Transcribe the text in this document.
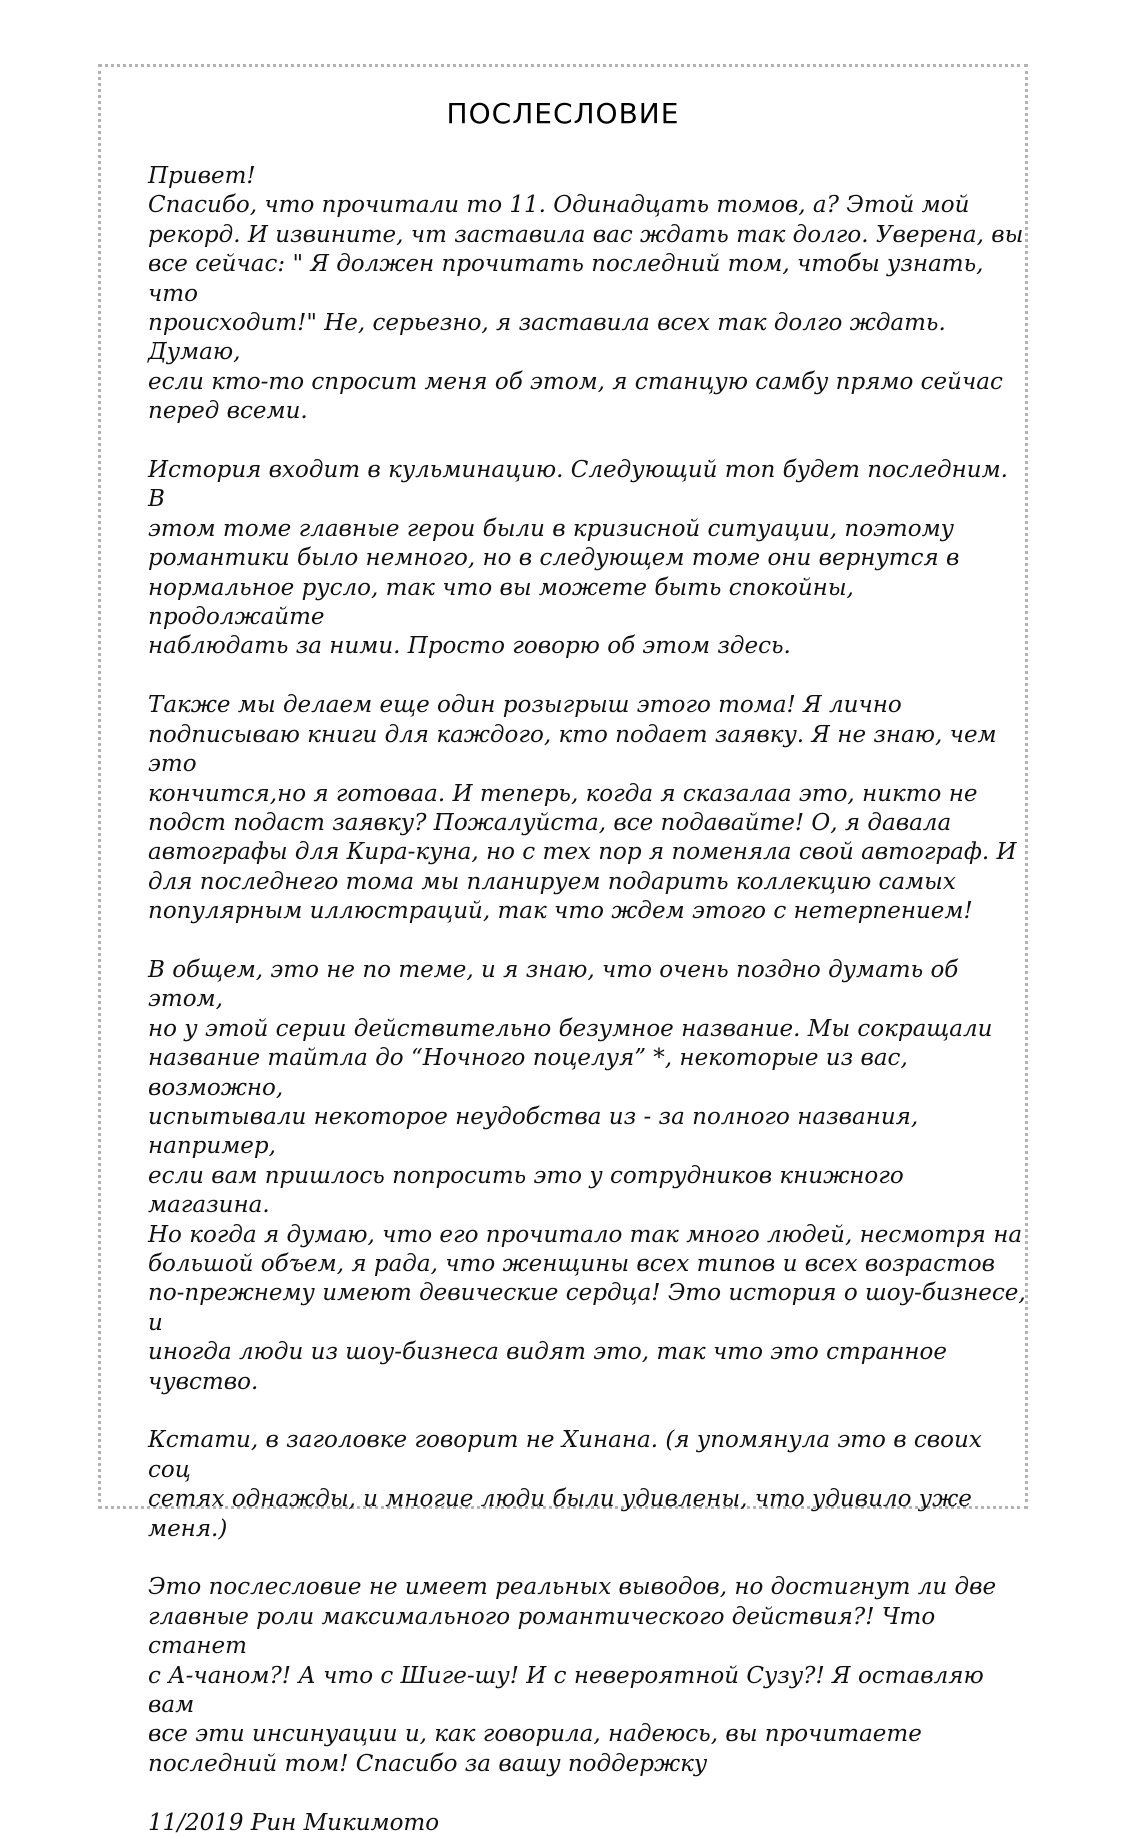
ПОСЛЕСЛОВИЕ

Привет!
Спасибо, что прочитали то 11. Одинадцать томов, а? Этой мой
рекорд. И извините, чт заставила вас ждать так долго. Уверена, вы
все сейчас: " Я должен прочитать последний том, чтобы узнать, что
происходит!" Не, серьезно, я заставила всех так долго ждать. Думаю,
если кто-то спросит меня об этом, я станцую самбу прямо сейчас
перед всеми.

История входит в кульминацию. Следующий топ будет последним. В
этом томе главные герои были в кризисной ситуации, поэтому
романтики было немного, но в следующем томе они вернутся в
нормальное русло, так что вы можете быть спокойны, продолжайте
наблюдать за ними. Просто говорю об этом здесь.

Также мы делаем еще один розыгрыш этого тома! Я лично
подписываю книги для каждого, кто подает заявку. Я не знаю, чем это
кончится,но я готоваа. И теперь, когда я сказалаа это, никто не
подст подаст заявку? Пожалуйста, все подавайте! О, я давала
автографы для Кира-куна, но с тех пор я поменяла свой автограф. И
для последнего тома мы планируем подарить коллекцию самых
популярным иллюстраций, так что ждем этого с нетерпением!

В общем, это не по теме, и я знаю, что очень поздно думать об этом,
но у этой серии действительно безумное название. Мы сокращали
название тайтла до “Ночного поцелуя” *, некоторые из вас, возможно,
испытывали некоторое неудобства из - за полного названия, например,
если вам пришлось попросить это у сотрудников книжного магазина.
Но когда я думаю, что его прочитало так много людей, несмотря на
большой объем, я рада, что женщины всех типов и всех возрастов
по-прежнему имеют девические сердца! Это история о шоу-бизнесе, и
иногда люди из шоу-бизнеса видят это, так что это странное
чувство.

Кстати, в заголовке говорит не Хинана. (я упомянула это в своих соц
сетях однажды, и многие люди были удивлены, что удивило уже
меня.)

Это послесловие не имеет реальных выводов, но достигнут ли две
главные роли максимального романтического действия?! Что станет
с А-чаном?! А что с Шиге-шу! И с невероятной Сузу?! Я оставляю вам
все эти инсинуации и, как говорила, надеюсь, вы прочитаете
последний том! Спасибо за вашу поддержку

11/2019 Рин Микимото
